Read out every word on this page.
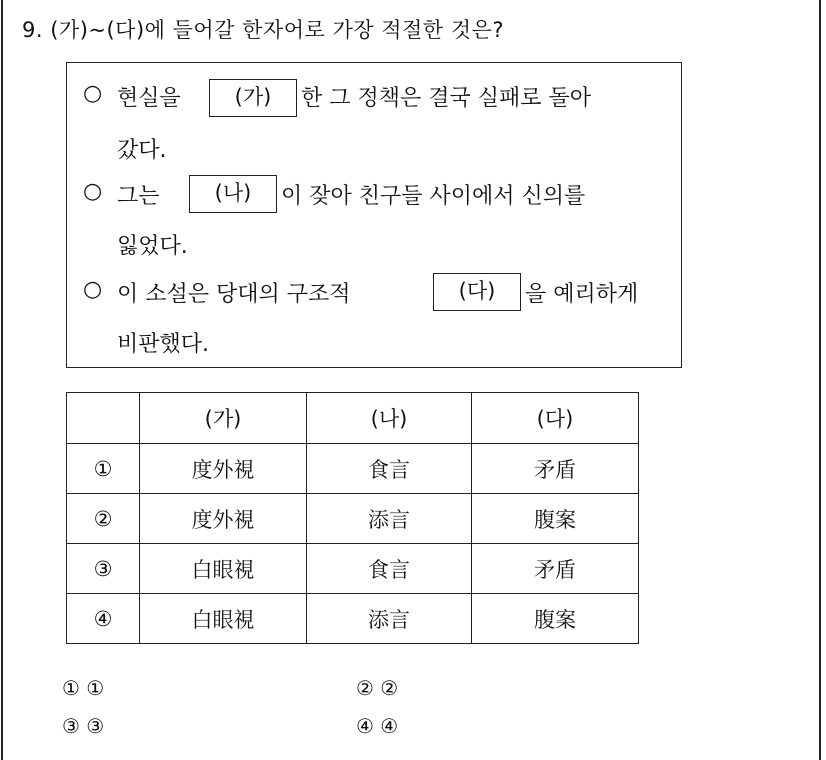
9. (가)~(다)에 들어갈 한자어로 가장 적절한 것은?
○ 현실을	(가)	한 그 정책은 결국 실패로 돌아
갔다.
○ 그는	(나)	이 잦아 친구들 사이에서 신의를
잃었다.
○ 이 소설은 당대의 구조적	(다)	을 예리하게
비판했다.
	(가)	(나)	(다)
①	度外視	食言	矛盾
②	度外視	添言	腹案
③	白眼視	食言	矛盾
④	白眼視	添言	腹案
① ①	② ②
③ ③	④ ④
